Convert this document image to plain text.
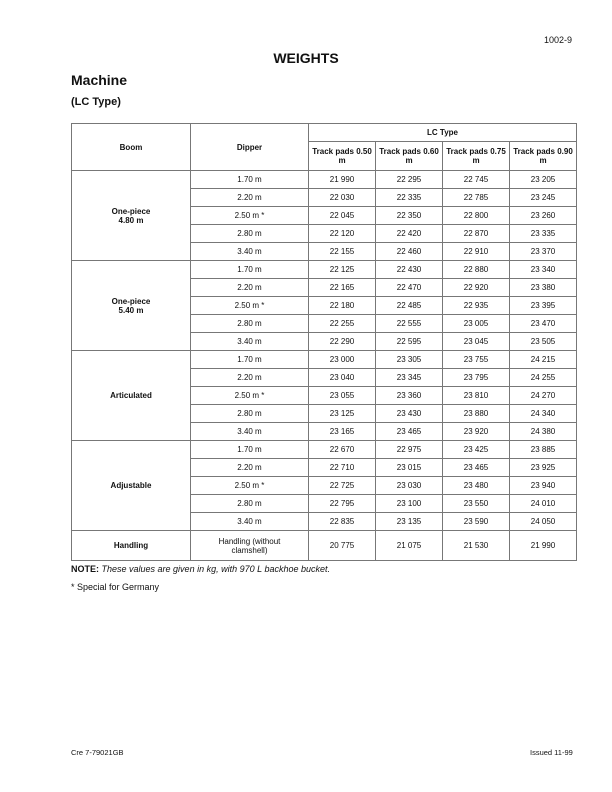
1002-9
WEIGHTS
Machine
(LC Type)
Boom	Dipper	LC Type			
		Track pads 0.50 m	Track pads 0.60 m	Track pads 0.75 m	Track pads 0.90 m
One-piece 4.80 m	1.70 m	21 990	22 295	22 745	23 205
	2.20 m	22 030	22 335	22 785	23 245
	2.50 m *	22 045	22 350	22 800	23 260
	2.80 m	22 120	22 420	22 870	23 335
	3.40 m	22 155	22 460	22 910	23 370
One-piece 5.40 m	1.70 m	22 125	22 430	22 880	23 340
	2.20 m	22 165	22 470	22 920	23 380
	2.50 m *	22 180	22 485	22 935	23 395
	2.80 m	22 255	22 555	23 005	23 470
	3.40 m	22 290	22 595	23 045	23 505
Articulated	1.70 m	23 000	23 305	23 755	24 215
	2.20 m	23 040	23 345	23 795	24 255
	2.50 m *	23 055	23 360	23 810	24 270
	2.80 m	23 125	23 430	23 880	24 340
	3.40 m	23 165	23 465	23 920	24 380
Adjustable	1.70 m	22 670	22 975	23 425	23 885
	2.20 m	22 710	23 015	23 465	23 925
	2.50 m *	22 725	23 030	23 480	23 940
	2.80 m	22 795	23 100	23 550	24 010
	3.40 m	22 835	23 135	23 590	24 050
Handling	Handling (without clamshell)	20 775	21 075	21 530	21 990
NOTE: These values are given in kg, with 970 L backhoe bucket.
* Special for Germany
Cre 7-79021GB	Issued 11-99
